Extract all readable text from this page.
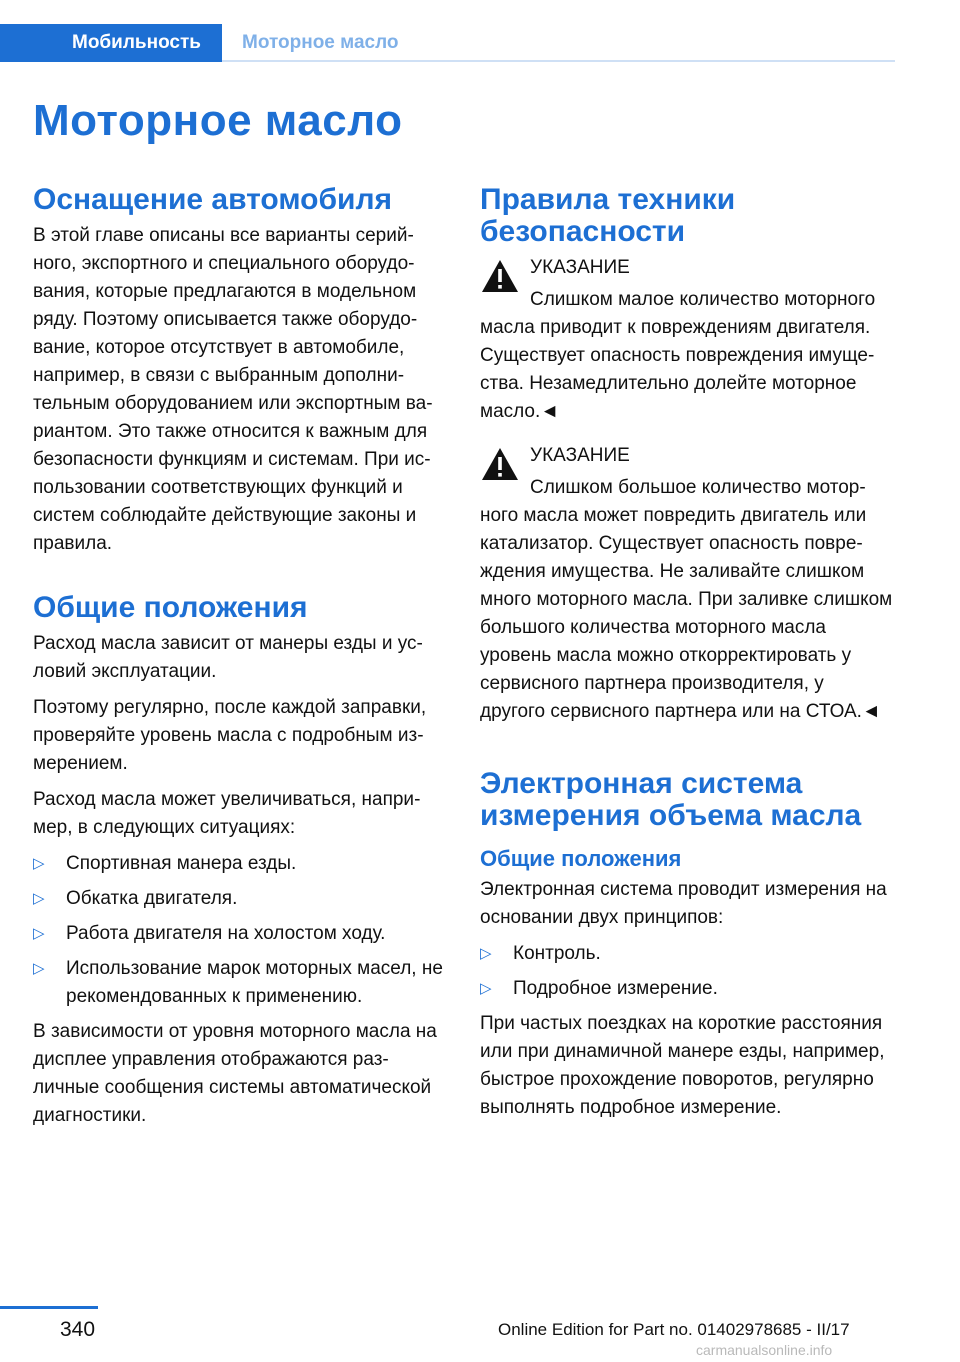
Мобильность	Моторное масло
Моторное масло
Оснащение автомобиля

В этой главе описаны все варианты серийного, экспортного и специального оборудования, которые предлагаются в модельном ряду. Поэтому описывается также оборудование, которое отсутствует в автомобиле, например, в связи с выбранным дополнительным оборудованием или экспортным вариантом. Это также относится к важным для безопасности функциям и системам. При использовании соответствующих функций и систем соблюдайте действующие законы и правила.

Общие положения

Расход масла зависит от манеры езды и условий эксплуатации.

Поэтому регулярно, после каждой заправки, проверяйте уровень масла с подробным измерением.

Расход масла может увеличиваться, например, в следующих ситуациях:

▷ Спортивная манера езды.
▷ Обкатка двигателя.
▷ Работа двигателя на холостом ходу.
▷ Использование марок моторных масел, не рекомендованных к применению.

В зависимости от уровня моторного масла на дисплее управления отображаются различные сообщения системы автоматической диагностики.

Правила техники безопасности

УКАЗАНИЕ

Слишком малое количество моторного масла приводит к повреждениям двигателя. Существует опасность повреждения имущества. Незамедлительно долейте моторное масло.◄

УКАЗАНИЕ

Слишком большое количество моторного масла может повредить двигатель или катализатор. Существует опасность повреждения имущества. Не заливайте слишком много моторного масла. При заливке слишком большого количества моторного масла уровень масла можно откорректировать у сервисного партнера производителя, у другого сервисного партнера или на СТОА.◄

Электронная система измерения объема масла
Общие положения

Электронная система проводит измерения на основании двух принципов:

▷ Контроль.
▷ Подробное измерение.

При частых поездках на короткие расстояния или при динамичной манере езды, например, быстрое прохождение поворотов, регулярно выполнять подробное измерение.

340	Online Edition for Part no. 01402978685 - II/17
carmanualsonline.info
